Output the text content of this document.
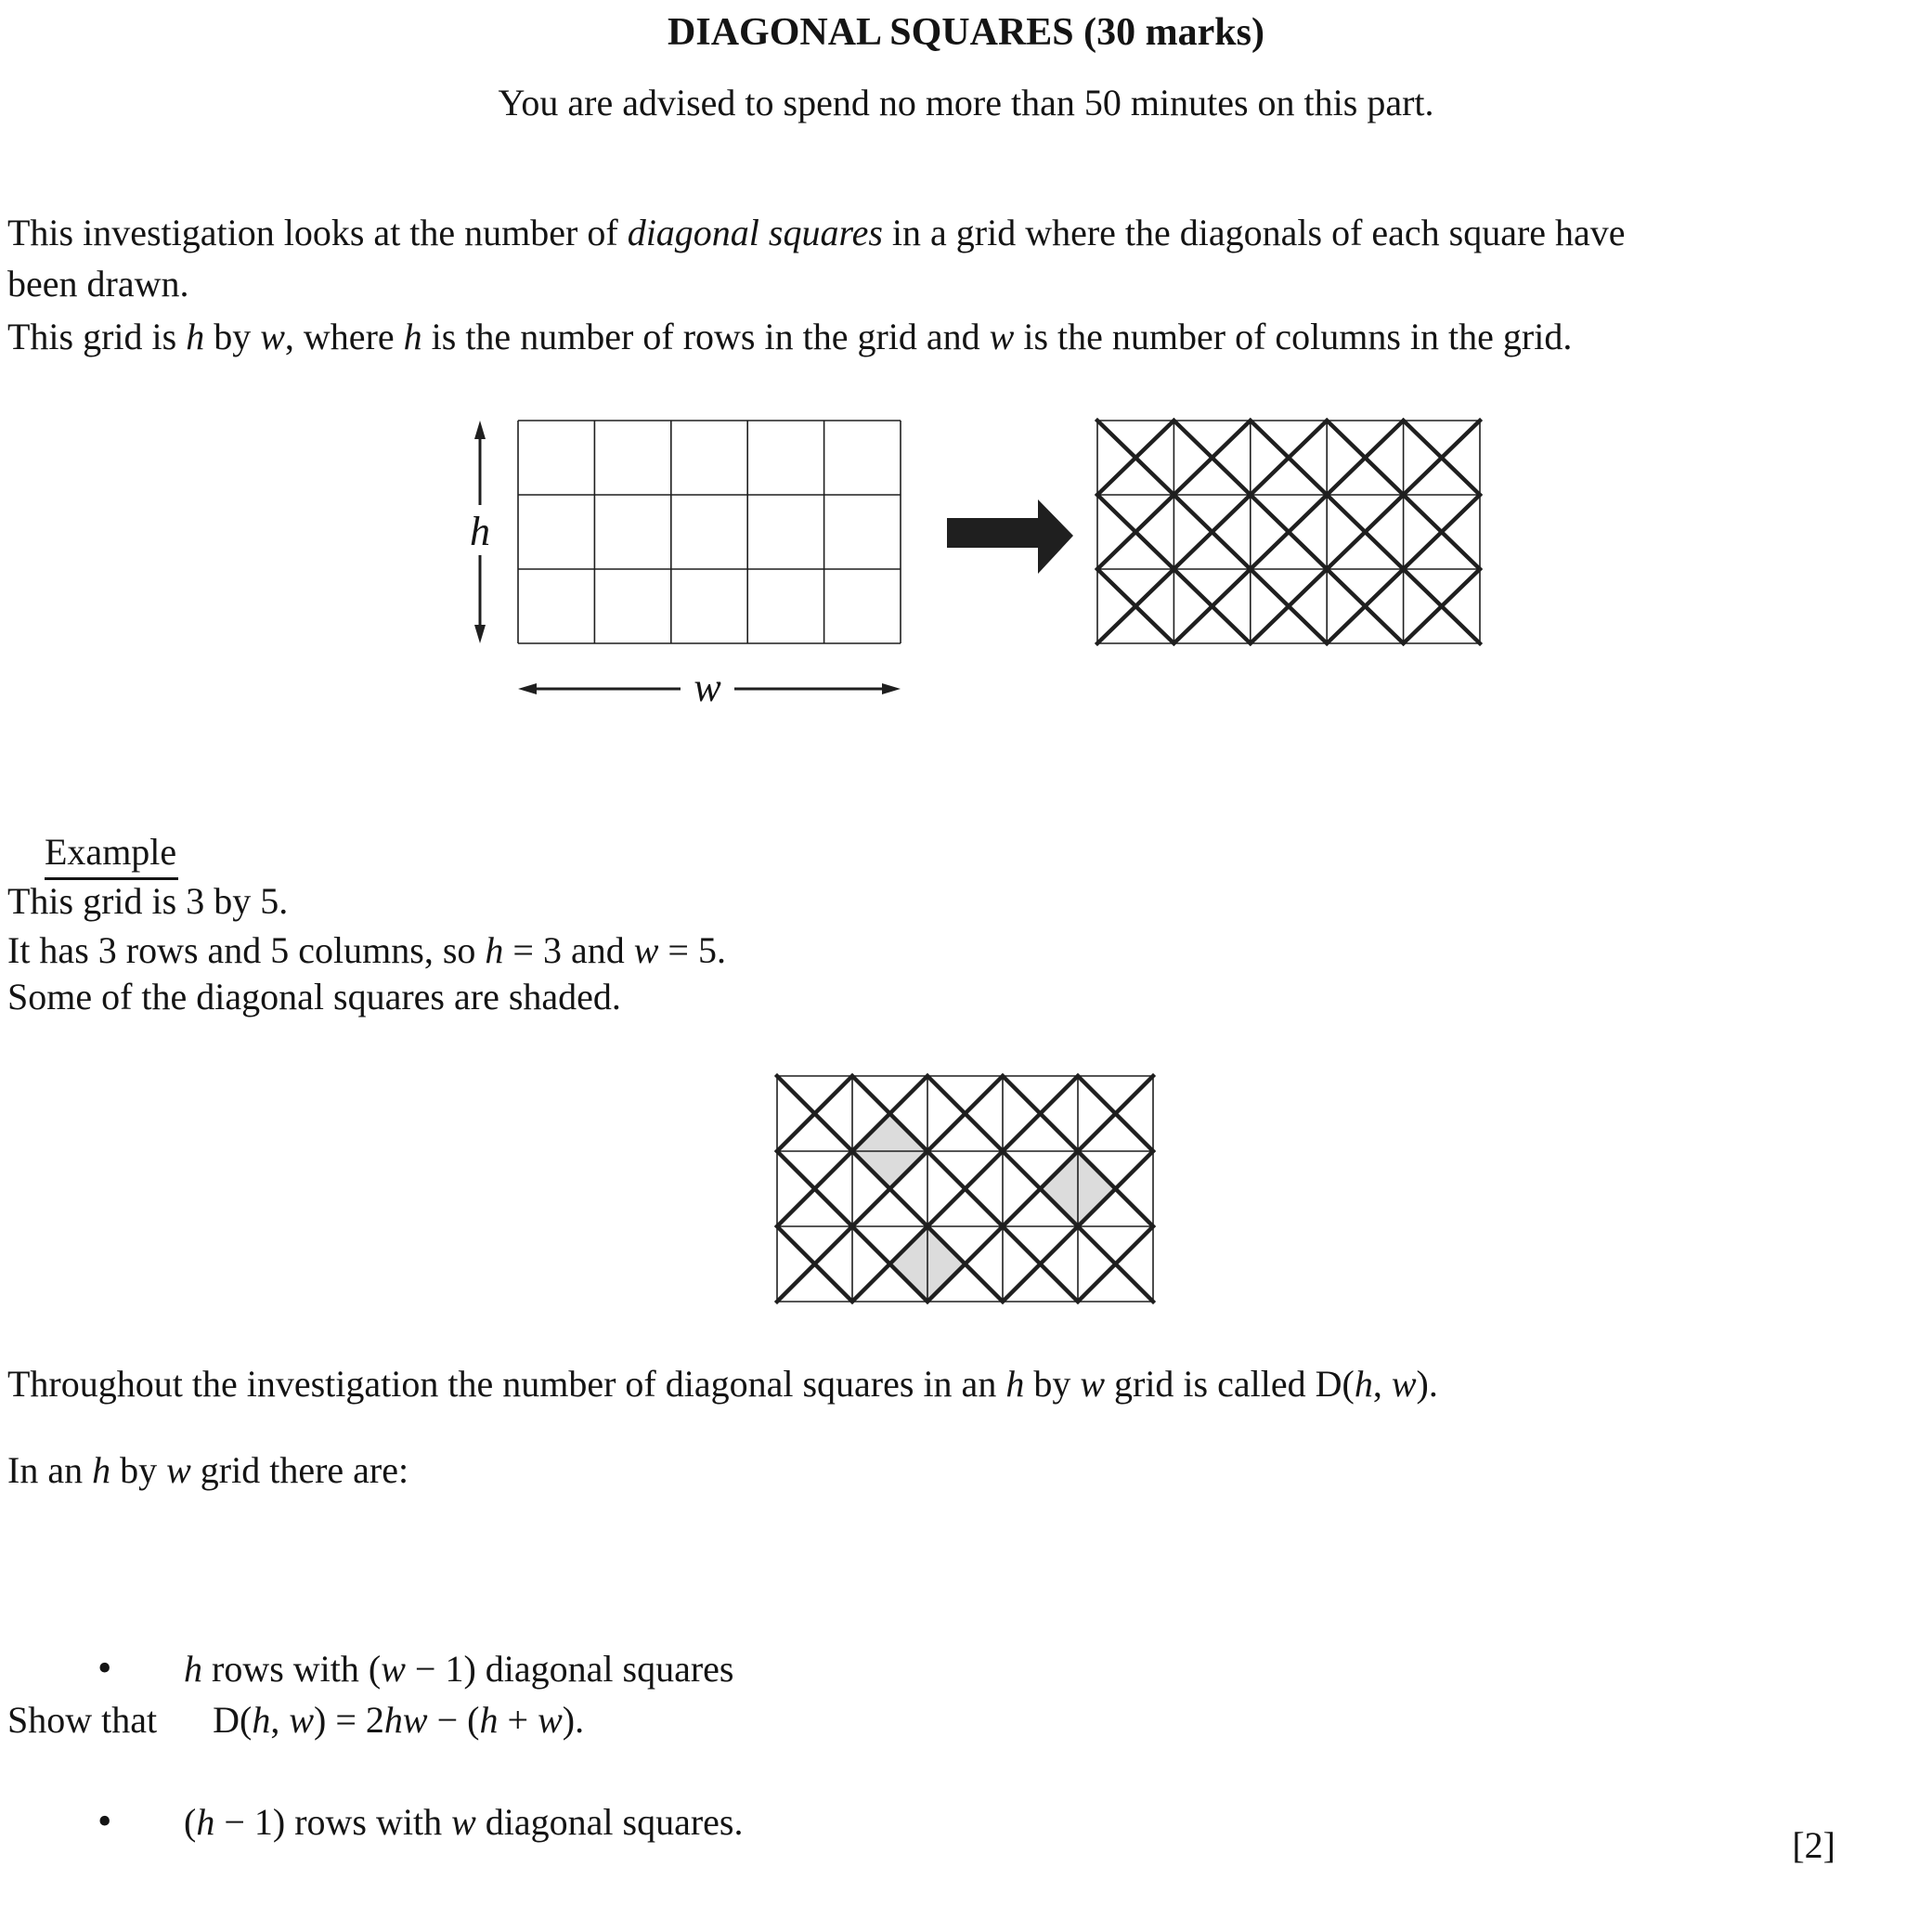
DIAGONAL SQUARES (30 marks)
You are advised to spend no more than 50 minutes on this part.
This investigation looks at the number of diagonal squares in a grid where the diagonals of each square have
been drawn.
This grid is h by w, where h is the number of rows in the grid and w is the number of columns in the grid.
h
w

Example

This grid is 3 by 5.
It has 3 rows and 5 columns, so h = 3 and w = 5.
Some of the diagonal squares are shaded.
Throughout the investigation the number of diagonal squares in an h by w grid is called D(h, w).
In an h by w grid there are:

• h rows with (w − 1) diagonal squares

• (h − 1) rows with w diagonal squares.

Show that  D(h, w) = 2hw − (h + w).
[2]
